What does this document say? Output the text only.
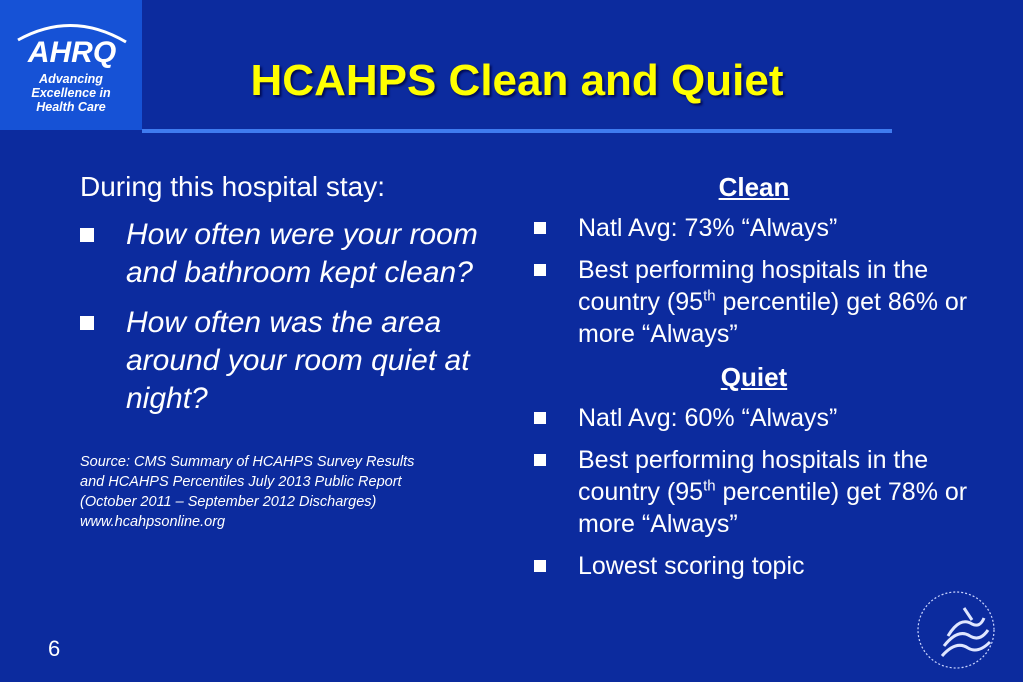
AHRQ
Advancing
Excellence in
Health Care
HCAHPS Clean and Quiet

During this hospital stay:

How often were your room and bathroom kept clean?
How often was the area around your room quiet at night?
Source: CMS Summary of HCAHPS Survey Results
and HCAHPS Percentiles July 2013 Public Report
(October 2011 – September 2012 Discharges)
www.hcahpsonline.org

Clean

Natl Avg: 73% “Always”
Best performing hospitals in the country (95th percentile) get 86% or more “Always”

Quiet

Natl Avg: 60% “Always”
Best performing hospitals in the country (95th percentile) get 78% or more “Always”
Lowest scoring topic
6
